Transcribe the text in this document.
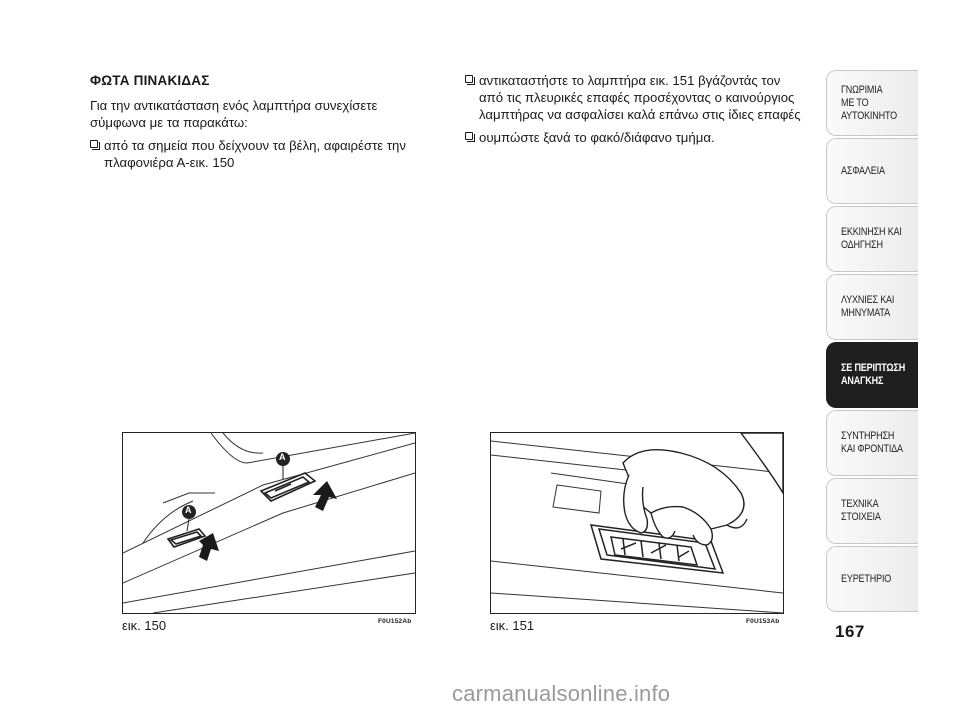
ΦΩΤΑ ΠΙΝΑΚΙΔΑΣ
Για την αντικατάσταση ενός λαμπτήρα συνεχίσετε σύμφωνα με τα παρακάτω:
από τα σημεία που δείχνουν τα βέλη, αφαιρέστε την πλαφονιέρα Α-εικ. 150
αντικαταστήστε το λαμπτήρα εικ. 151 βγάζοντάς τον από τις πλευρικές επαφές προσέχοντας ο καινούργιος λαμπτήρας να ασφαλίσει καλά επάνω στις ίδιες επαφές
ουμπώστε ξανά το φακό/διάφανο τμήμα.
A
A
εικ. 150	F0U152Ab	εικ. 151	F0U153Ab
ΓΝΩΡΙΜΙΑ
ΜΕ ΤΟ
ΑΥΤΟΚΙΝΗΤΟ
ΑΣΦΑΛΕΙΑ
ΕΚΚΙΝΗΣΗ ΚΑΙ
ΟΔΗΓΗΣΗ
ΛΥΧΝΙΕΣ ΚΑΙ
ΜΗΝΥΜΑΤΑ
ΣΕ ΠΕΡΙΠΤΩΣΗ
ΑΝΑΓΚΗΣ
ΣΥΝΤΗΡΗΣΗ
ΚΑΙ ΦΡΟΝΤΙΔΑ
ΤΕΧΝΙΚΑ
ΣΤΟΙΧΕΙΑ
ΕΥΡΕΤΗΡΙΟ
167
carmanualsonline.info
